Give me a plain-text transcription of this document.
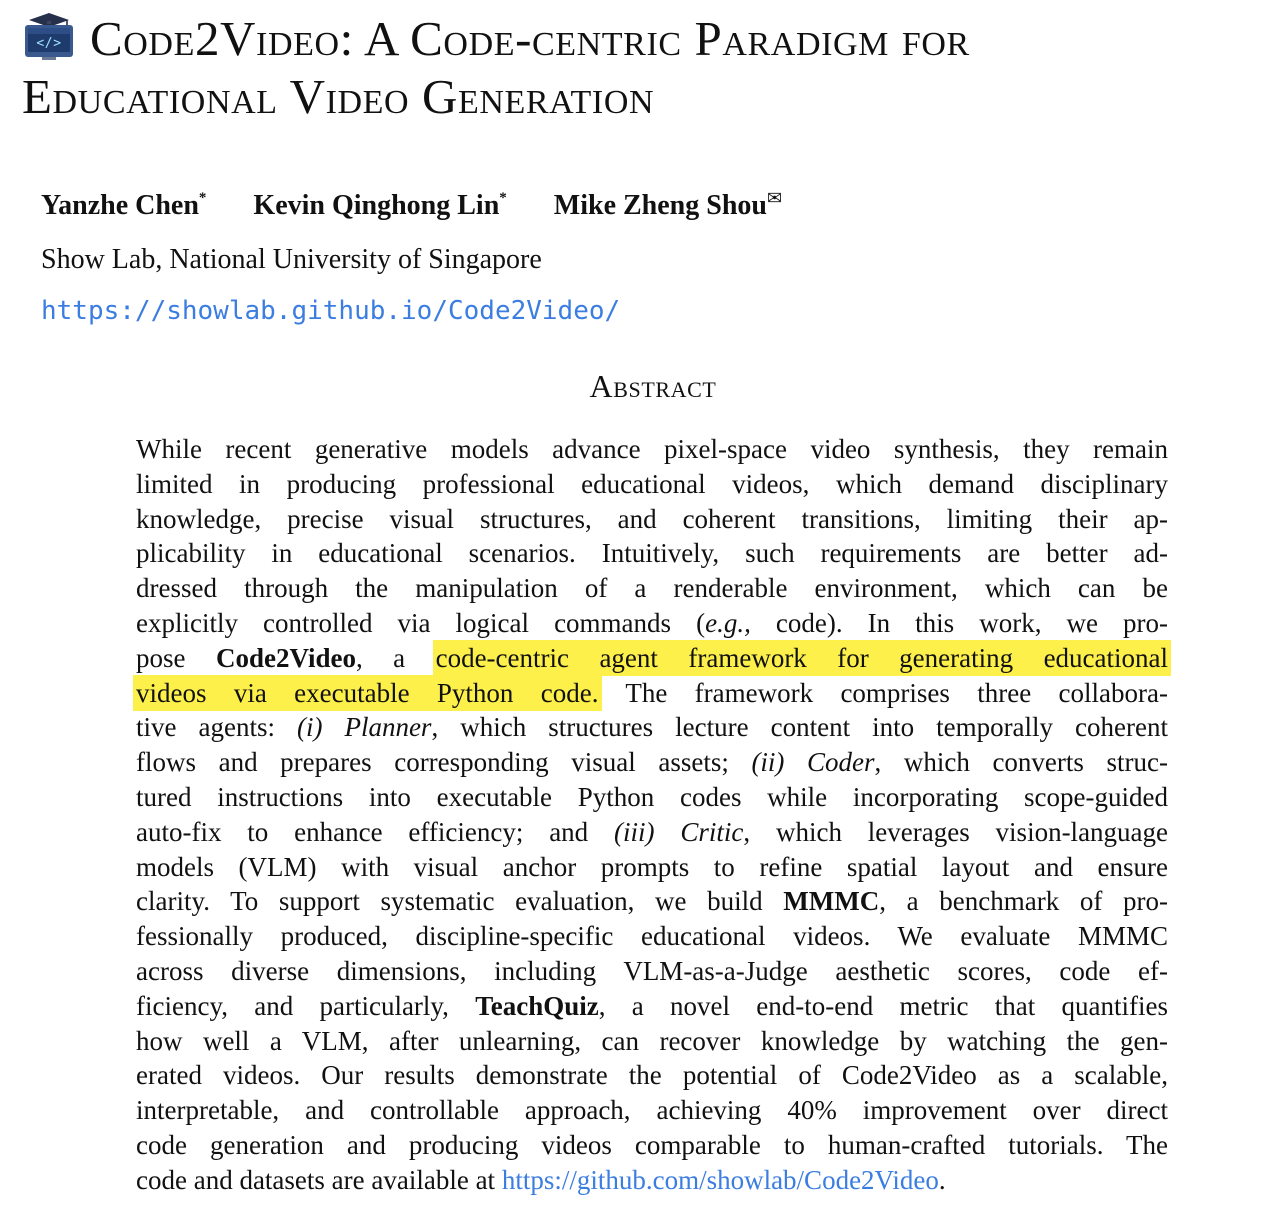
</> Code2Video: A Code-centric Paradigm for
Educational Video Generation
Yanzhe Chen* Kevin Qinghong Lin* Mike Zheng Shou✉
Show Lab, National University of Singapore
https://showlab.github.io/Code2Video/
Abstract
While recent generative models advance pixel-space video synthesis, they remain
limited in producing professional educational videos, which demand disciplinary
knowledge, precise visual structures, and coherent transitions, limiting their ap-
plicability in educational scenarios. Intuitively, such requirements are better ad-
dressed through the manipulation of a renderable environment, which can be
explicitly controlled via logical commands (e.g., code). In this work, we pro-
pose Code2Video, a code-centric agent framework for generating educational
videos via executable Python code. The framework comprises three collabora-
tive agents: (i) Planner, which structures lecture content into temporally coherent
flows and prepares corresponding visual assets; (ii) Coder, which converts struc-
tured instructions into executable Python codes while incorporating scope-guided
auto-fix to enhance efficiency; and (iii) Critic, which leverages vision-language
models (VLM) with visual anchor prompts to refine spatial layout and ensure
clarity. To support systematic evaluation, we build MMMC, a benchmark of pro-
fessionally produced, discipline-specific educational videos. We evaluate MMMC
across diverse dimensions, including VLM-as-a-Judge aesthetic scores, code ef-
ficiency, and particularly, TeachQuiz, a novel end-to-end metric that quantifies
how well a VLM, after unlearning, can recover knowledge by watching the gen-
erated videos. Our results demonstrate the potential of Code2Video as a scalable,
interpretable, and controllable approach, achieving 40% improvement over direct
code generation and producing videos comparable to human-crafted tutorials. The
code and datasets are available at https://github.com/showlab/Code2Video.
